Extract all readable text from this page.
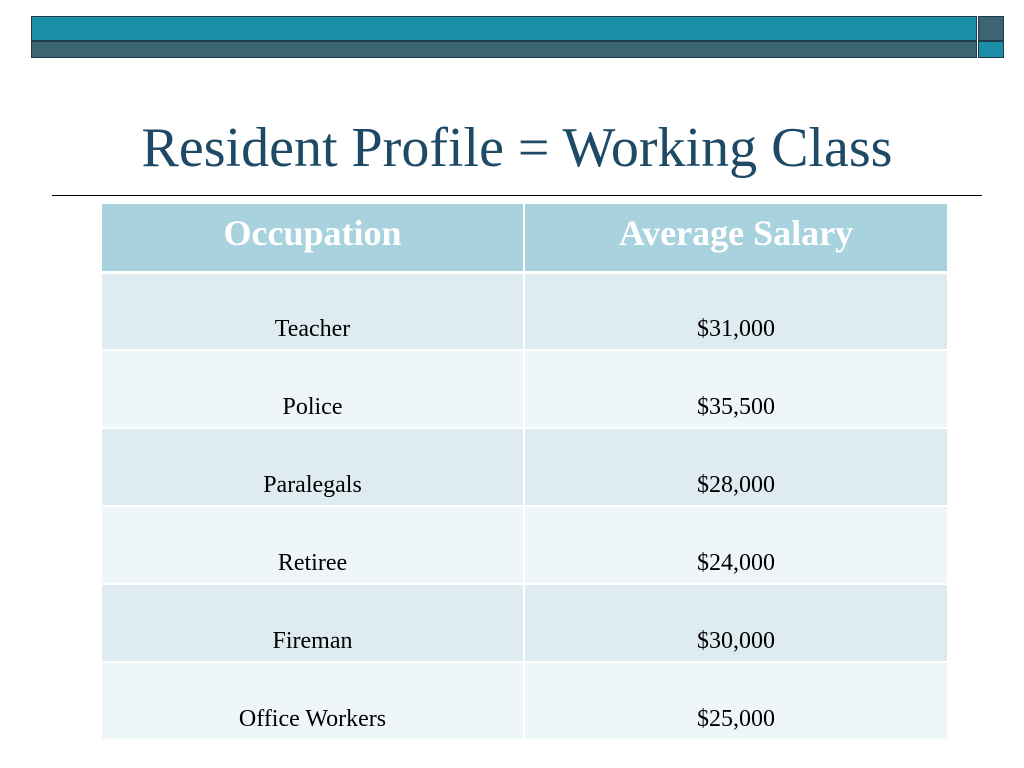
Resident Profile = Working Class
Occupation	Average Salary
Teacher	$31,000
Police	$35,500
Paralegals	$28,000
Retiree	$24,000
Fireman	$30,000
Office Workers	$25,000
